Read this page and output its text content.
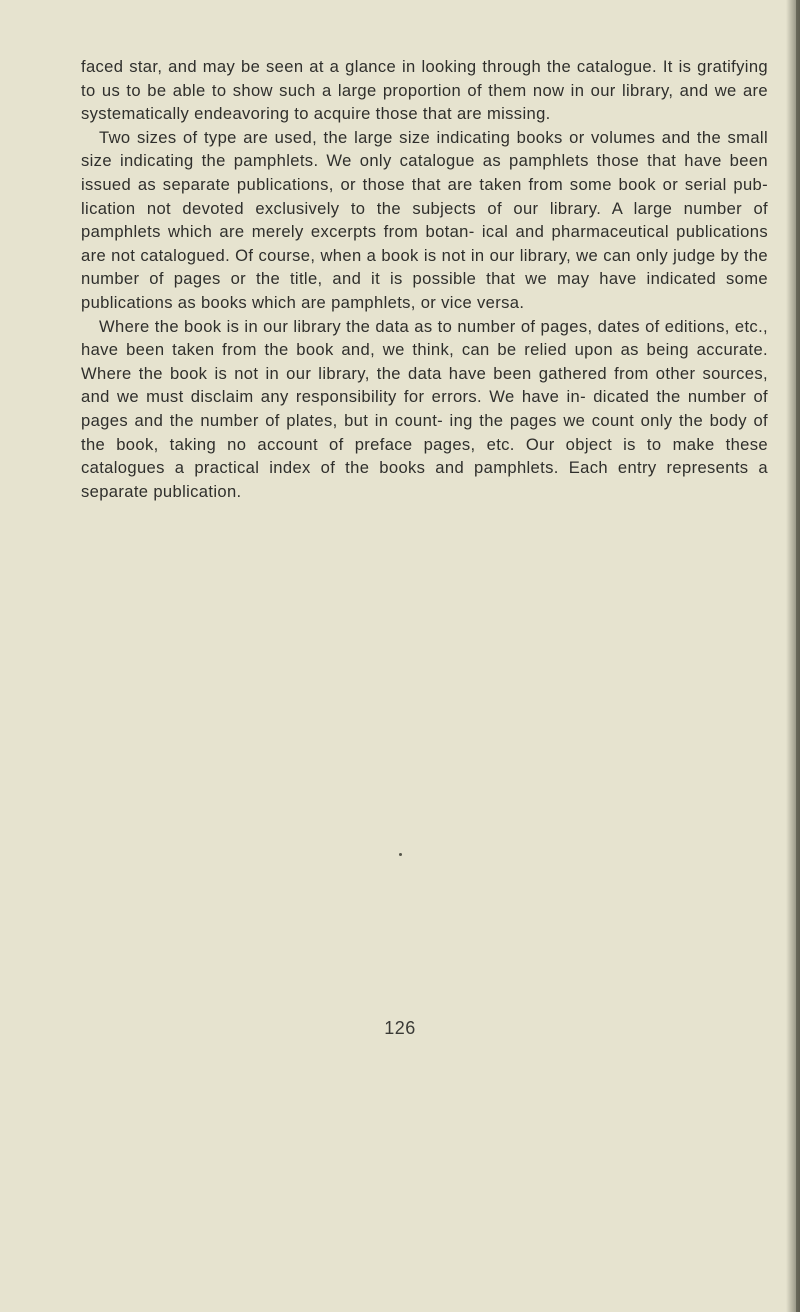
faced star, and may be seen at a glance in looking through the catalogue. It is gratifying to us to be able to show such a large proportion of them now in our library, and we are systematically endeavoring to acquire those that are missing.

Two sizes of type are used, the large size indicating books or volumes and the small size indicating the pamphlets. We only catalogue as pamphlets those that have been issued as separate publications, or those that are taken from some book or serial pub- lication not devoted exclusively to the subjects of our library. A large number of pamphlets which are merely excerpts from botan- ical and pharmaceutical publications are not catalogued. Of course, when a book is not in our library, we can only judge by the number of pages or the title, and it is possible that we may have indicated some publications as books which are pamphlets, or vice versa.

Where the book is in our library the data as to number of pages, dates of editions, etc., have been taken from the book and, we think, can be relied upon as being accurate. Where the book is not in our library, the data have been gathered from other sources, and we must disclaim any responsibility for errors. We have in- dicated the number of pages and the number of plates, but in count- ing the pages we count only the body of the book, taking no account of preface pages, etc. Our object is to make these catalogues a practical index of the books and pamphlets. Each entry represents a separate publication.

126
